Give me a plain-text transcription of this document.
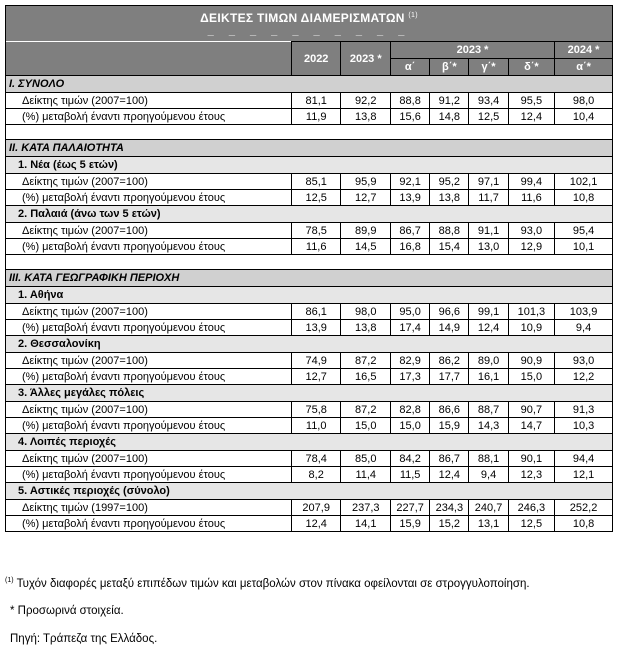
ΔΕΙΚΤΕΣ ΤΙΜΩΝ ΔΙΑΜΕΡΙΣΜΑΤΩΝ $^{(1)}$
_ _ _ _ _ _ _ _ _ _							

	2022	2023 *	2023 *				2024 *
			α΄	β΄*	γ΄*	δ΄*	α΄*
I. ΣΥΝΟΛΟ							
Δείκτης τιμών (2007=100)	81,1	92,2	88,8	91,2	93,4	95,5	98,0
(%) μεταβολή έναντι προηγούμενου έτους	11,9	13,8	15,6	14,8	12,5	12,4	10,4

II. ΚΑΤΑ ΠΑΛΑΙΟΤΗΤΑ							
1. Νέα (έως 5 ετών)							
Δείκτης τιμών (2007=100)	85,1	95,9	92,1	95,2	97,1	99,4	102,1
(%) μεταβολή έναντι προηγούμενου έτους	12,5	12,7	13,9	13,8	11,7	11,6	10,8
2. Παλαιά (άνω των 5 ετών)							
Δείκτης τιμών (2007=100)	78,5	89,9	86,7	88,8	91,1	93,0	95,4
(%) μεταβολή έναντι προηγούμενου έτους	11,6	14,5	16,8	15,4	13,0	12,9	10,1

III. ΚΑΤΑ ΓΕΩΓΡΑΦΙΚΗ ΠΕΡΙΟΧΗ							
1. Αθήνα							
Δείκτης τιμών (2007=100)	86,1	98,0	95,0	96,6	99,1	101,3	103,9
(%) μεταβολή έναντι προηγούμενου έτους	13,9	13,8	17,4	14,9	12,4	10,9	9,4
2. Θεσσαλονίκη							
Δείκτης τιμών (2007=100)	74,9	87,2	82,9	86,2	89,0	90,9	93,0
(%) μεταβολή έναντι προηγούμενου έτους	12,7	16,5	17,3	17,7	16,1	15,0	12,2
3. Άλλες μεγάλες πόλεις							
Δείκτης τιμών (2007=100)	75,8	87,2	82,8	86,6	88,7	90,7	91,3
(%) μεταβολή έναντι προηγούμενου έτους	11,0	15,0	15,0	15,9	14,3	14,7	10,3
4. Λοιπές περιοχές							
Δείκτης τιμών (2007=100)	78,4	85,0	84,2	86,7	88,1	90,1	94,4
(%) μεταβολή έναντι προηγούμενου έτους	8,2	11,4	11,5	12,4	9,4	12,3	12,1
5. Αστικές περιοχές (σύνολο)							
Δείκτης τιμών (1997=100)	207,9	237,3	227,7	234,3	240,7	246,3	252,2
(%) μεταβολή έναντι προηγούμενου έτους	12,4	14,1	15,9	15,2	13,1	12,5	10,8
$^{(1)}$ Τυχόν διαφορές μεταξύ επιπέδων τιμών και μεταβολών στον πίνακα οφείλονται σε στρογγυλοποίηση.
* Προσωρινά στοιχεία.
Πηγή: Τράπεζα της Ελλάδος.
